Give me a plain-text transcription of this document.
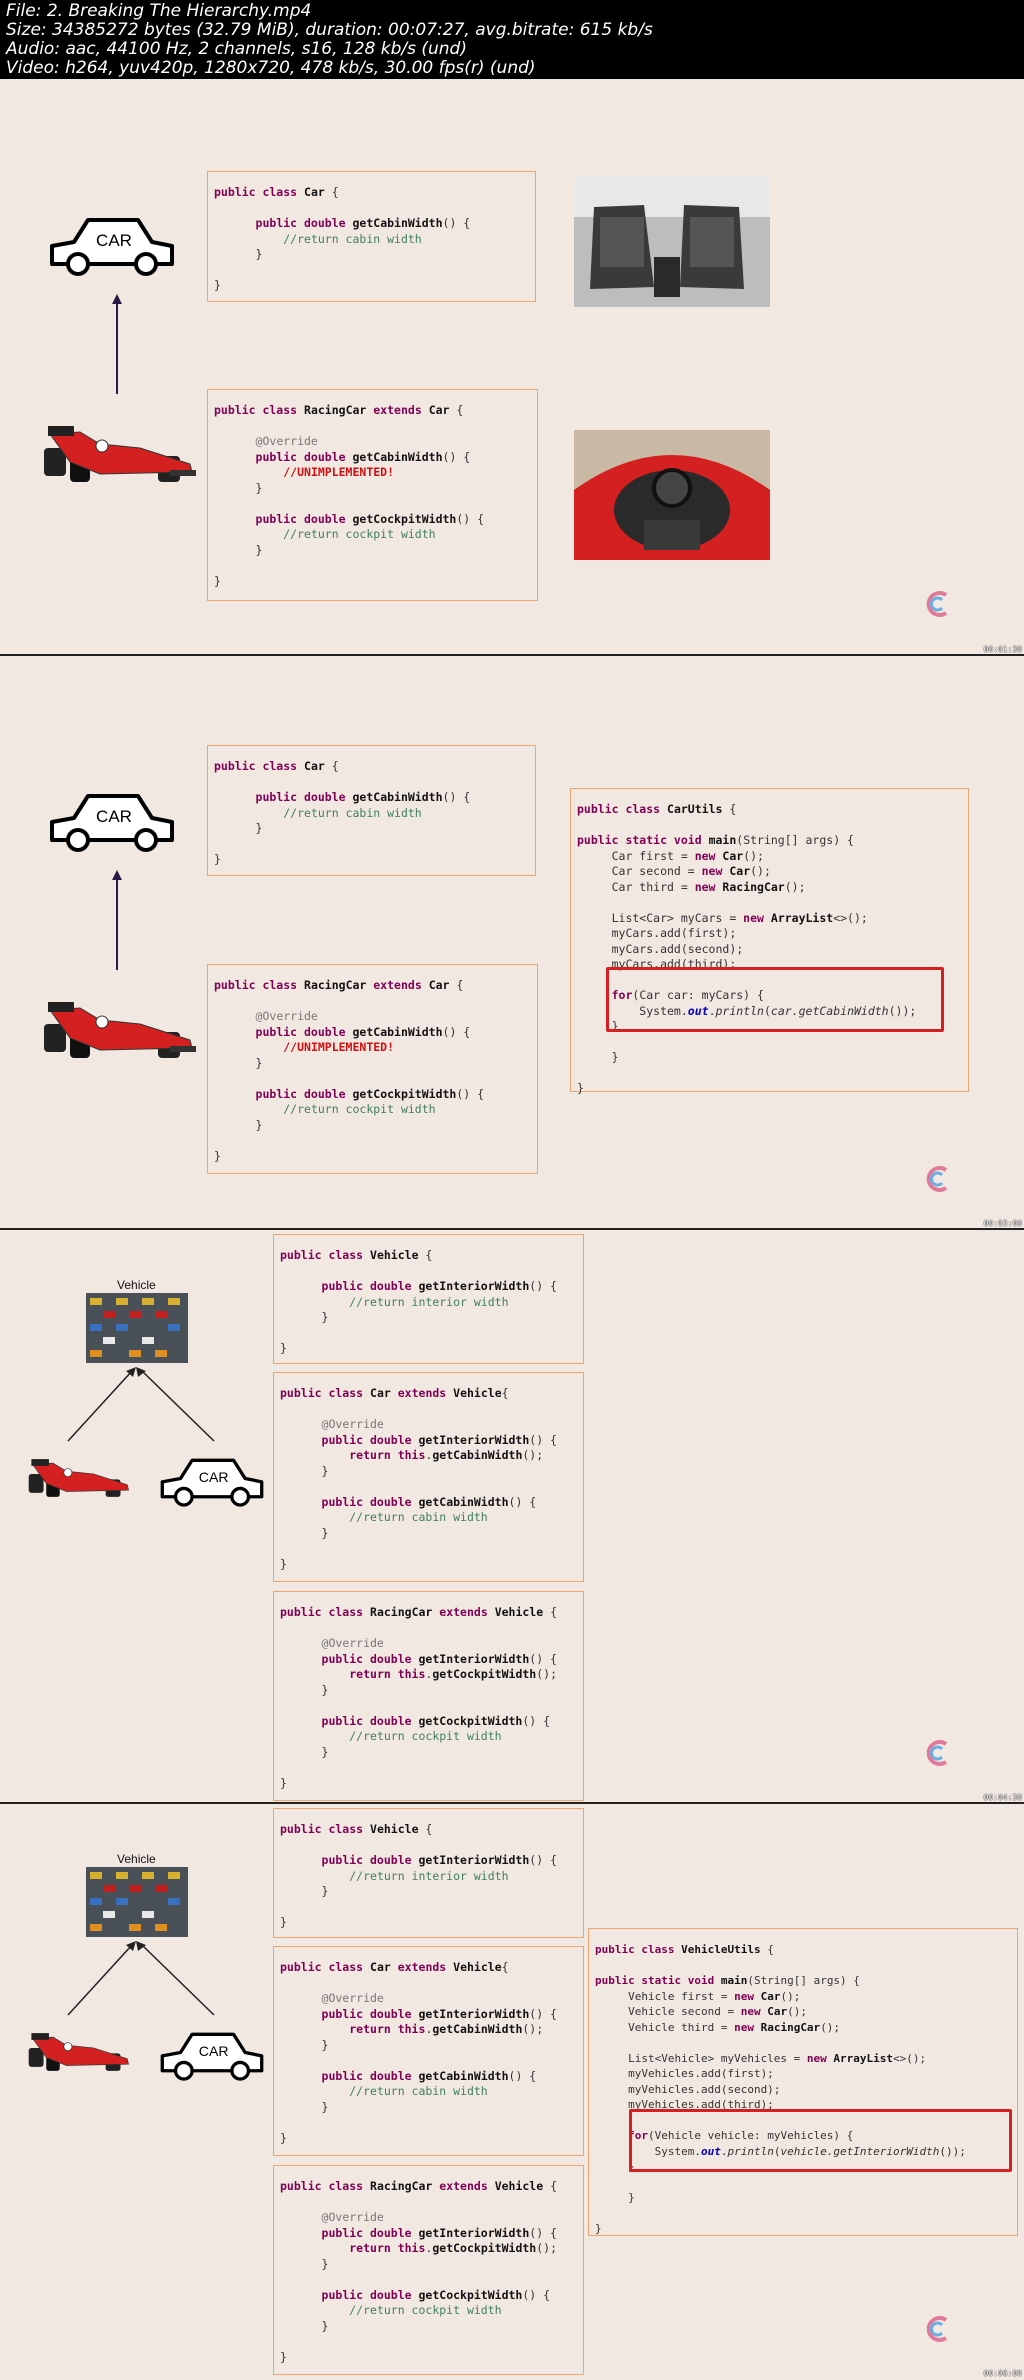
File: 2. Breaking The Hierarchy.mp4
Size: 34385272 bytes (32.79 MiB), duration: 00:07:27, avg.bitrate: 615 kb/s
Audio: aac, 44100 Hz, 2 channels, s16, 128 kb/s (und)
Video: h264, yuv420p, 1280x720, 478 kb/s, 30.00 fps(r) (und)
CAR
public class Car {

public double getCabinWidth() {
//return cabin width
}

}
public class RacingCar extends Car {

@Override
public double getCabinWidth() {
//UNIMPLEMENTED!
}

public double getCockpitWidth() {
//return cockpit width
}

}
00:01:30
CAR
public class Car {

public double getCabinWidth() {
//return cabin width
}

}
public class RacingCar extends Car {

@Override
public double getCabinWidth() {
//UNIMPLEMENTED!
}

public double getCockpitWidth() {
//return cockpit width
}

}
public class CarUtils {

public static void main(String[] args) {
Car first = new Car();
Car second = new Car();
Car third = new RacingCar();

List<Car> myCars = new ArrayList<>();
myCars.add(first);
myCars.add(second);
myCars.add(third);

for(Car car: myCars) {
System.out.println(car.getCabinWidth());
}

}

}
00:03:00
Vehicle
CAR
public class Vehicle {

public double getInteriorWidth() {
//return interior width
}

}
public class Car extends Vehicle{

@Override
public double getInteriorWidth() {
return this.getCabinWidth();
}

public double getCabinWidth() {
//return cabin width
}

}
public class RacingCar extends Vehicle {

@Override
public double getInteriorWidth() {
return this.getCockpitWidth();
}

public double getCockpitWidth() {
//return cockpit width
}

}
00:04:30
Vehicle
CAR
public class Vehicle {

public double getInteriorWidth() {
//return interior width
}

}
public class Car extends Vehicle{

@Override
public double getInteriorWidth() {
return this.getCabinWidth();
}

public double getCabinWidth() {
//return cabin width
}

}
public class RacingCar extends Vehicle {

@Override
public double getInteriorWidth() {
return this.getCockpitWidth();
}

public double getCockpitWidth() {
//return cockpit width
}

}
public class VehicleUtils {

public static void main(String[] args) {
Vehicle first = new Car();
Vehicle second = new Car();
Vehicle third = new RacingCar();

List<Vehicle> myVehicles = new ArrayList<>();
myVehicles.add(first);
myVehicles.add(second);
myVehicles.add(third);

for(Vehicle vehicle: myVehicles) {
System.out.println(vehicle.getInteriorWidth());
}

}

}
00:06:00
